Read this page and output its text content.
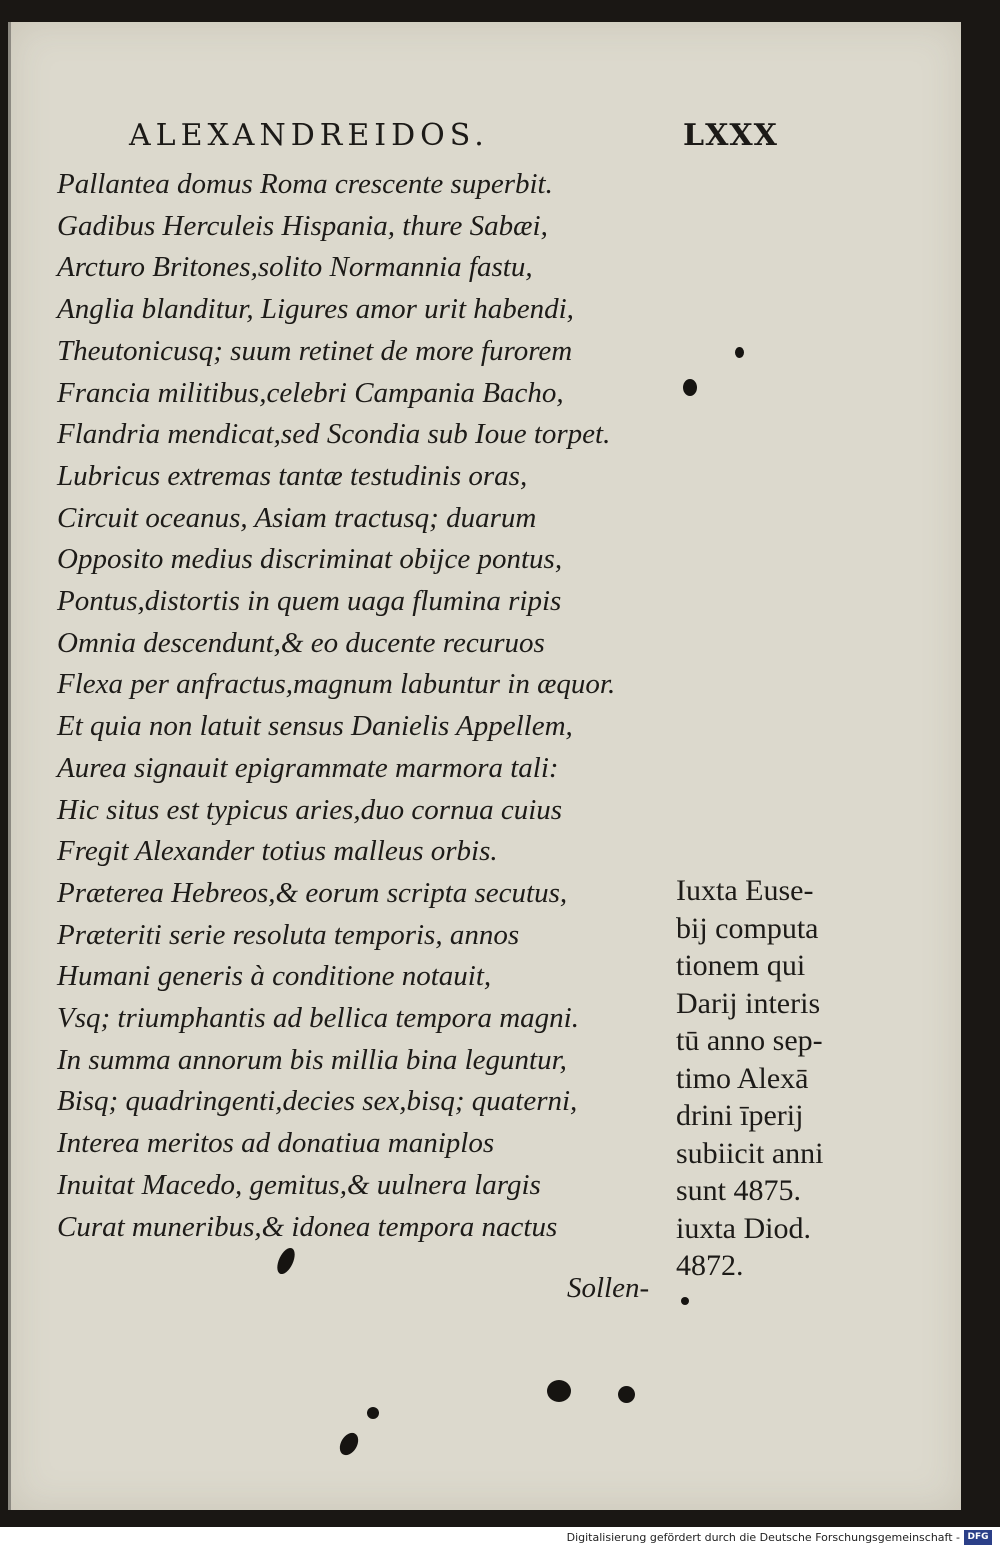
ALEXANDREIDOS.	LXXX
Pallantea domus Roma crescente superbit.
Gadibus Herculeis Hispania, thure Sabæi,
Arcturo Britones,solito Normannia fastu,
Anglia blanditur, Ligures amor urit habendi,
Theutonicusq; suum retinet de more furorem
Francia militibus,celebri Campania Bacho,
Flandria mendicat,sed Scondia sub Ioue torpet.
Lubricus extremas tantæ testudinis oras,
Circuit oceanus, Asiam tractusq; duarum
Opposito medius discriminat obijce pontus,
Pontus,distortis in quem uaga flumina ripis
Omnia descendunt,& eo ducente recuruos
Flexa per anfractus,magnum labuntur in æquor.
Et quia non latuit sensus Danielis Appellem,
Aurea signauit epigrammate marmora tali:
Hic situs est typicus aries,duo cornua cuius
Fregit Alexander totius malleus orbis.
Præterea Hebreos,& eorum scripta secutus,
Præteriti serie resoluta temporis, annos
Humani generis à conditione notauit,
Vsq; triumphantis ad bellica tempora magni.
In summa annorum bis millia bina leguntur,
Bisq; quadringenti,decies sex,bisq; quaterni,
Interea meritos ad donatiua maniplos
Inuitat Macedo, gemitus,& uulnera largis
Curat muneribus,& idonea tempora nactus
Sollen-
Iuxta Euse-
bij computa
tionem qui
Darij interis
tū anno sep-
timo Alexā
drini īperij
subiicit anni
sunt 4875.
iuxta Diod.
4872.
Digitalisierung gefördert durch die Deutsche Forschungsgemeinschaft - DFG
